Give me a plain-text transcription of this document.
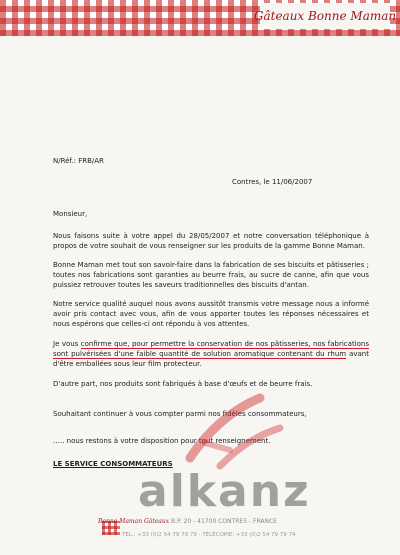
Gâteaux Bonne Maman
N/Réf.: FRB/AR
Contres, le 11/06/2007
Monsieur,
Nous faisons suite à votre appel du 28/05/2007 et notre conversation téléphonique à propos de votre souhait de vous renseigner sur les produits de la gamme Bonne Maman.
Bonne Maman met tout son savoir-faire dans la fabrication de ses biscuits et pâtisseries ; toutes nos fabrications sont garanties au beurre frais, au sucre de canne, afin que vous puissiez retrouver toutes les saveurs traditionnelles des biscuits d'antan.
Notre service qualité auquel nous avons aussitôt transmis votre message nous a informé avoir pris contact avec vous, afin de vous apporter toutes les réponses nécessaires et nous espérons que celles-ci ont répondu à vos attentes.
Je vous confirme que, pour permettre la conservation de nos pâtisseries, nos fabrications sont pulvérisées d'une faible quantité de solution aromatique contenant du rhum avant d'être emballées sous leur film protecteur.
D'autre part, nos produits sont fabriqués à base d'œufs et de beurre frais.
Souhaitant continuer à vous compter parmi nos fidèles consommateurs,
….. nous restons à votre disposition pour tout renseignement.
LE SERVICE CONSOMMATEURS
alkanz
Bonne Maman Gâteaux B.P. 20 - 41700 CONTRES - FRANCE
TÉL.: +33 (0)2 54 79 79 79 - TÉLÉCOPIE: +33 (0)2 54 79 79 74
